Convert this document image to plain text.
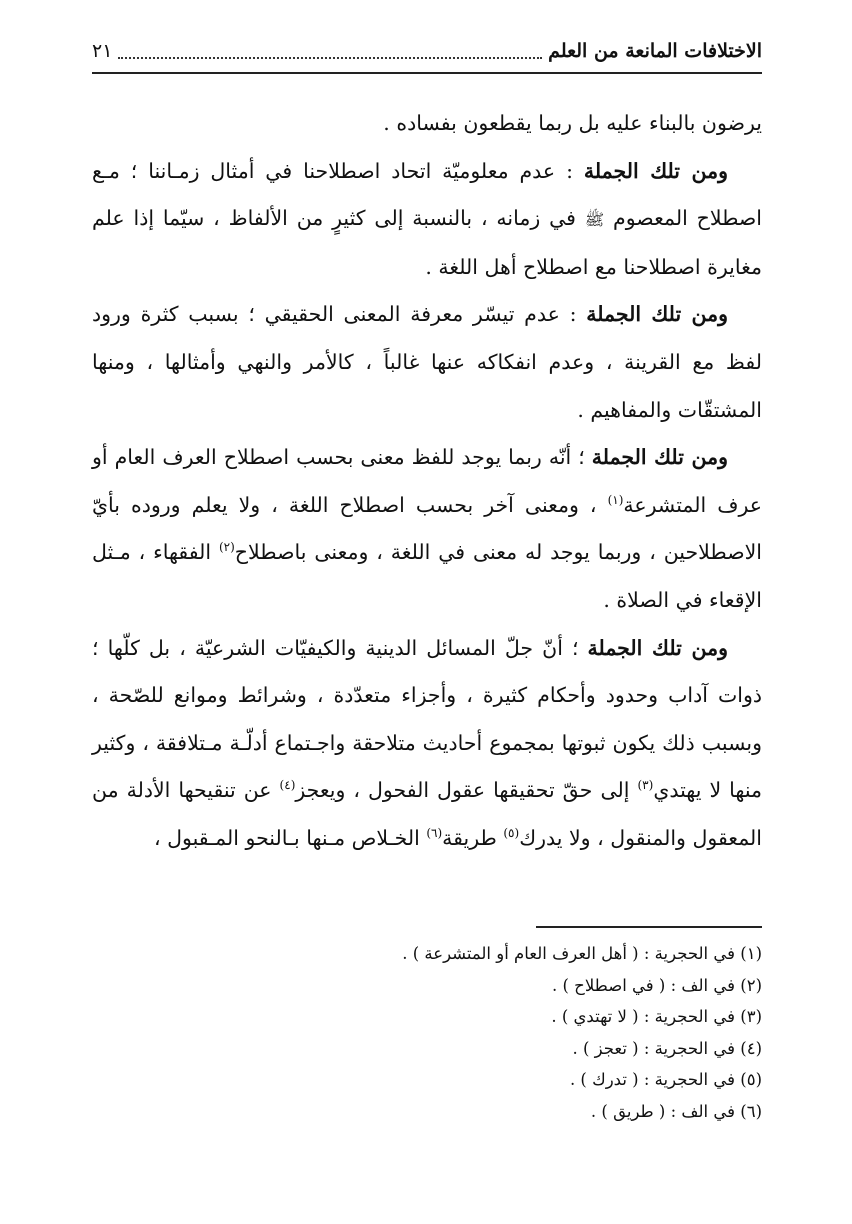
الاختلافات المانعة من العلم
٢١

يرضون بالبناء عليه بل ربما يقطعون بفساده .

ومن تلك الجملة : عدم معلوميّة اتحاد اصطلاحنا في أمثال زمـاننا ؛ مـع اصطلاح المعصوم ﷺ في زمانه ، بالنسبة إلى كثيرٍ من الألفاظ ، سيّما إذا علم مغايرة اصطلاحنا مع اصطلاح أهل اللغة .

ومن تلك الجملة : عدم تيسّر معرفة المعنى الحقيقي ؛ بسبب كثرة ورود لفظ مع القرينة ، وعدم انفكاكه عنها غالباً ، كالأمر والنهي وأمثالها ، ومنها المشتقّات والمفاهيم .

ومن تلك الجملة ؛ أنّه ربما يوجد للفظ معنى بحسب اصطلاح العرف العام أو عرف المتشرعة$^{(١)}$ ، ومعنى آخر بحسب اصطلاح اللغة ، ولا يعلم وروده بأيّ الاصطلاحين ، وربما يوجد له معنى في اللغة ، ومعنى باصطلاح$^{(٢)}$ الفقهاء ، مـثل الإقعاء في الصلاة .

ومن تلك الجملة ؛ أنّ جلّ المسائل الدينية والكيفيّات الشرعيّة ، بل كلّها ؛ ذوات آداب وحدود وأحكام كثيرة ، وأجزاء متعدّدة ، وشرائط وموانع للصّحة ، وبسبب ذلك يكون ثبوتها بمجموع أحاديث متلاحقة واجـتماع أدلّـة مـتلافقة ، وكثير منها لا يهتدي$^{(٣)}$ إلى حقّ تحقيقها عقول الفحول ، ويعجز$^{(٤)}$ عن تنقيحها الأدلة من المعقول والمنقول ، ولا يدرك$^{(٥)}$ طريقة$^{(٦)}$ الخـلاص مـنها بـالنحو المـقبول ،

(١) في الحجرية : ( أهل العرف العام أو المتشرعة ) .
(٢) في الف : ( في اصطلاح ) .
(٣) في الحجرية : ( لا تهتدي ) .
(٤) في الحجرية : ( تعجز ) .
(٥) في الحجرية : ( تدرك ) .
(٦) في الف : ( طريق ) .
